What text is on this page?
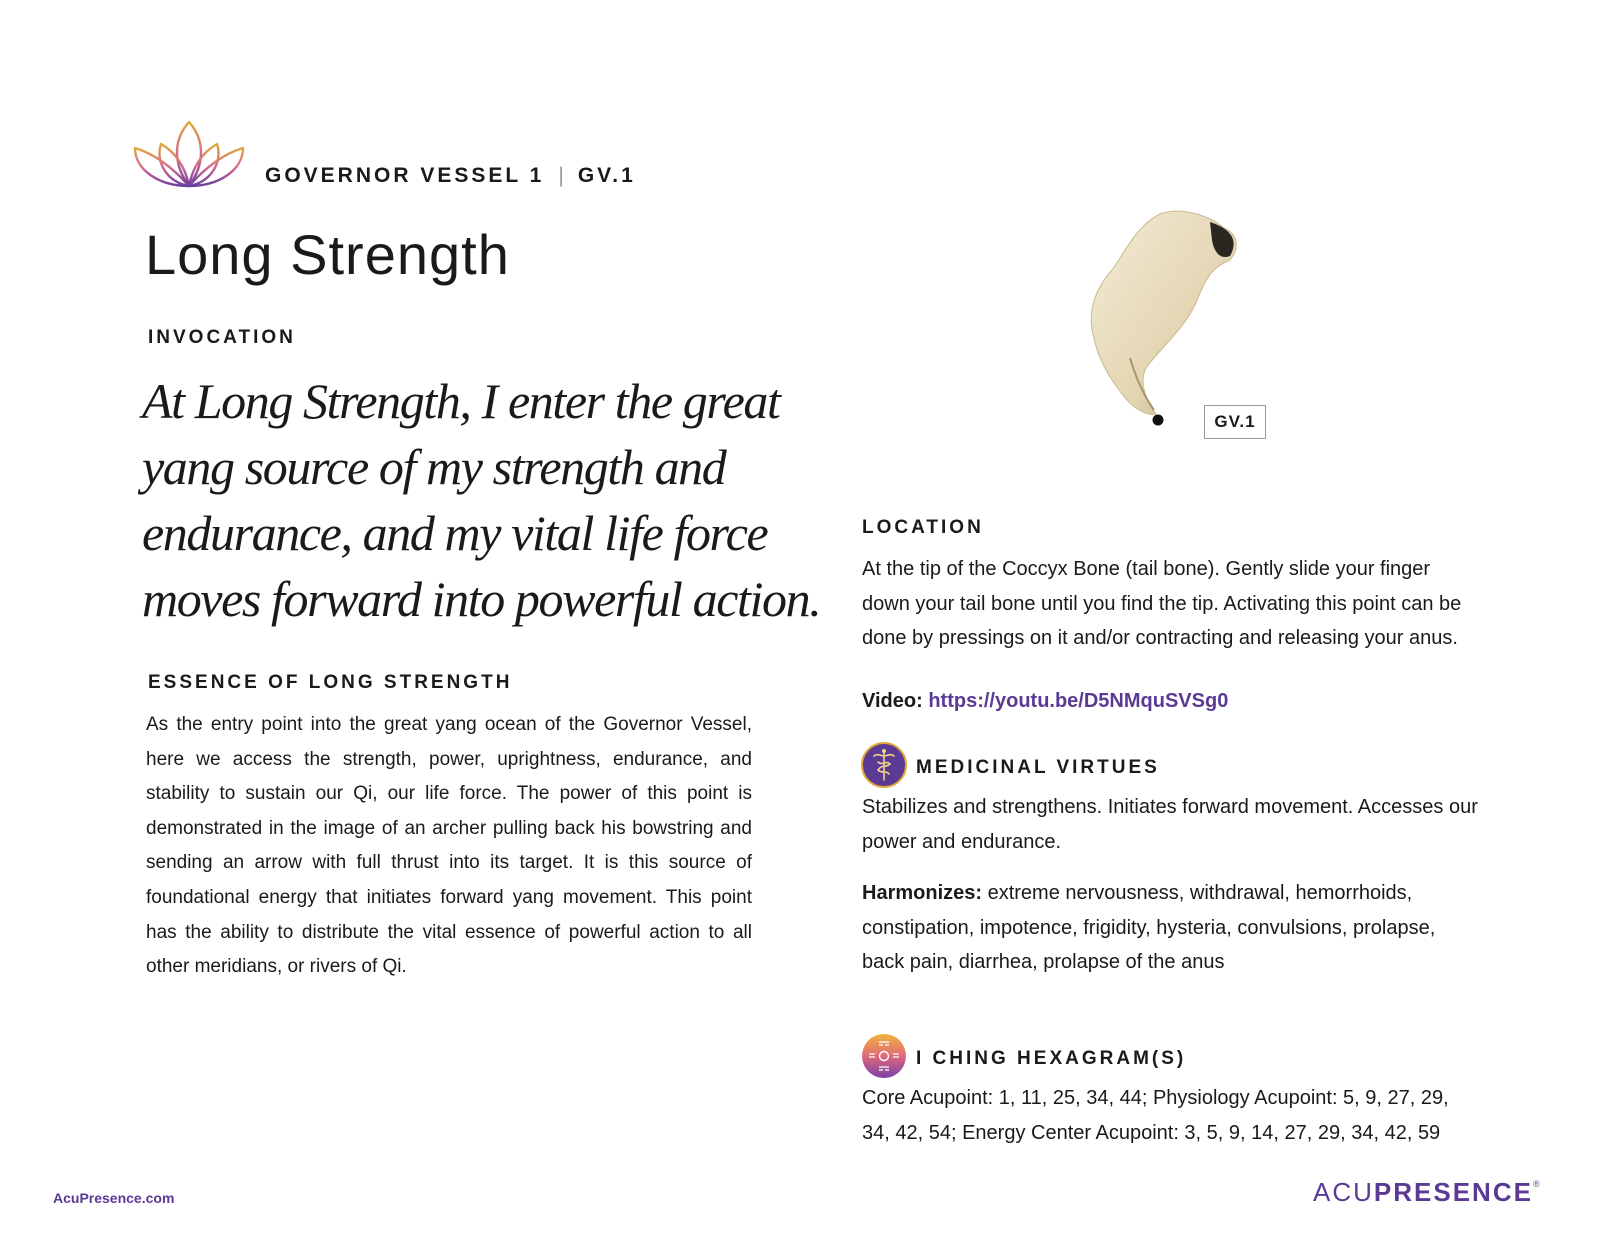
GOVERNOR VESSEL 1 | GV.1
Long Strength
INVOCATION
At Long Strength, I enter the great
yang source of my strength and
endurance, and my vital life force
moves forward into powerful action.
ESSENCE OF LONG STRENGTH
As the entry point into the great yang ocean of the Governor Vessel, here we access the strength, power, uprightness, endurance, and stability to sustain our Qi, our life force. The power of this point is demonstrated in the image of an archer pulling back his bowstring and sending an arrow with full thrust into its target. It is this source of foundational energy that initiates forward yang movement. This point has the ability to distribute the vital essence of powerful action to all other meridians, or rivers of Qi.
GV.1
LOCATION
At the tip of the Coccyx Bone (tail bone). Gently slide your finger down your tail bone until you find the tip. Activating this point can be done by pressings on it and/or contracting and releasing your anus.
Video: https://youtu.be/D5NMquSVSg0
MEDICINAL VIRTUES
Stabilizes and strengthens. Initiates forward movement. Accesses our power and endurance.
Harmonizes: extreme nervousness, withdrawal, hemorrhoids, constipation, impotence, frigidity, hysteria, convulsions, prolapse, back pain, diarrhea, prolapse of the anus
I CHING HEXAGRAM(S)
Core Acupoint: 1, 11, 25, 34, 44; Physiology Acupoint: 5, 9, 27, 29, 34, 42, 54; Energy Center Acupoint: 3, 5, 9, 14, 27, 29, 34, 42, 59
AcuPresence.com	ACUPRESENCE®
